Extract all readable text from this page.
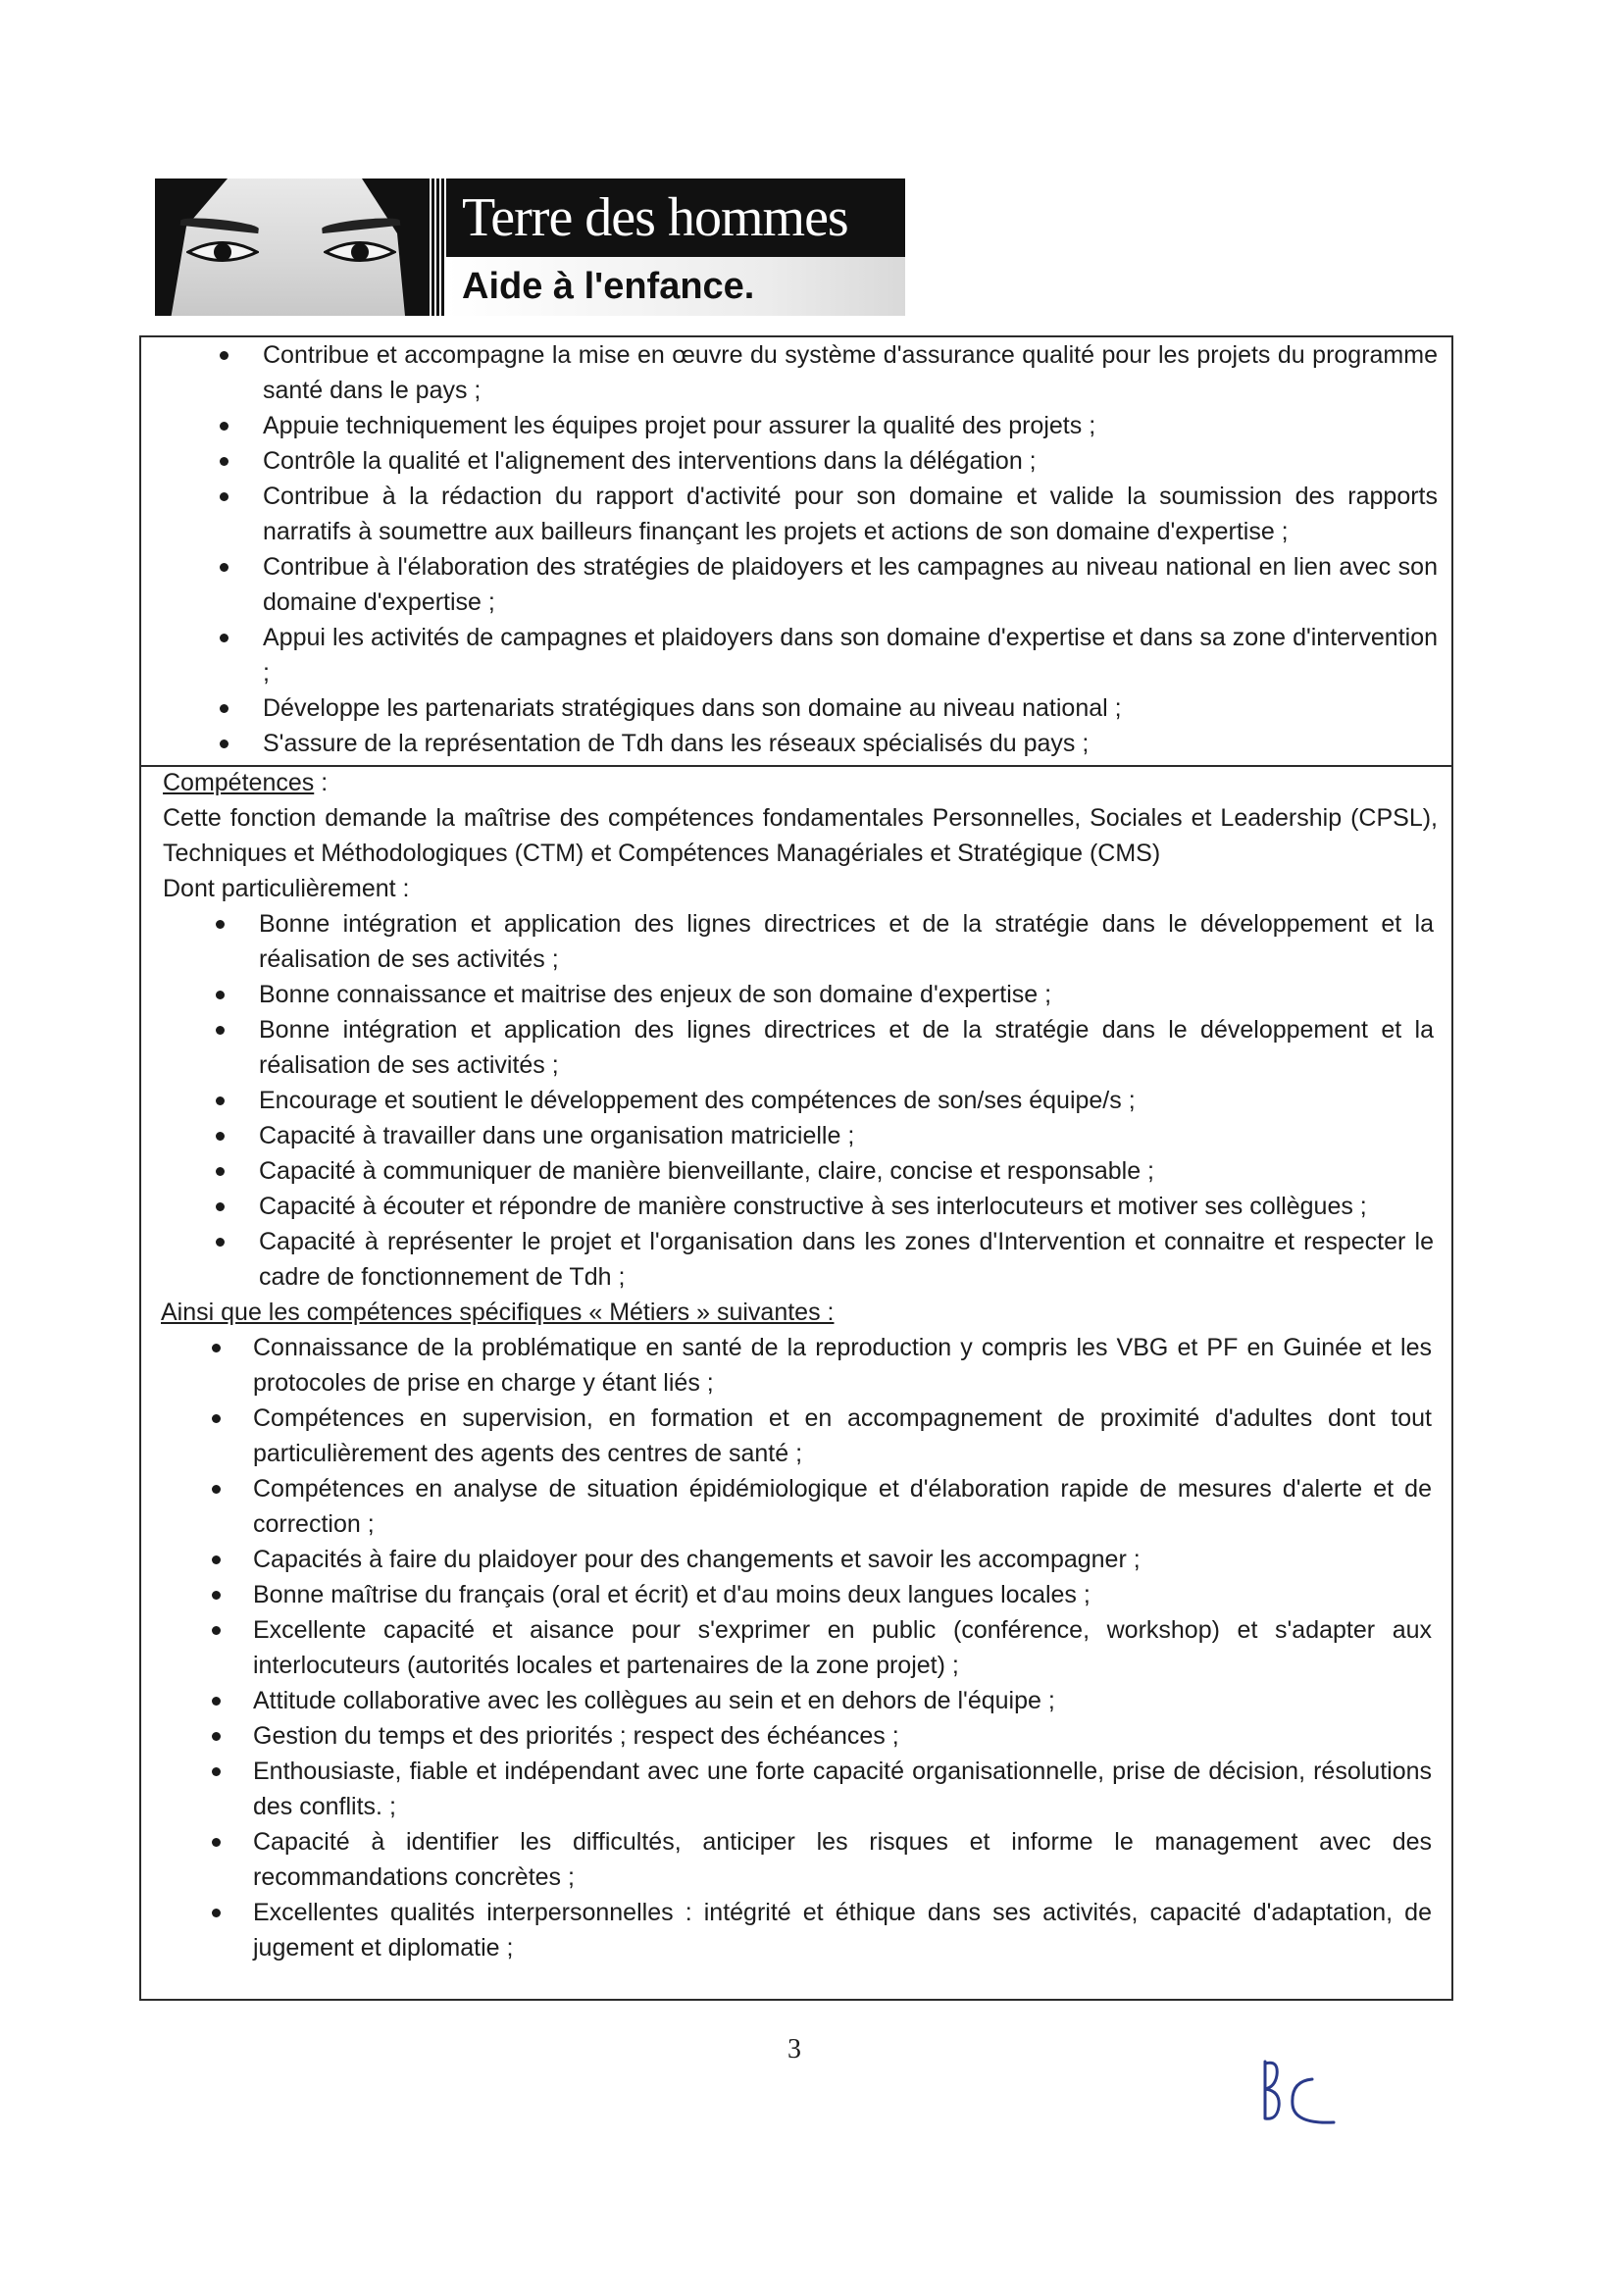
Terre des hommes
Aide à l'enfance.
Contribue et accompagne la mise en œuvre du système d'assurance qualité pour les projets du programme santé dans le pays ;
Appuie techniquement les équipes projet pour assurer la qualité des projets ;
Contrôle la qualité et l'alignement des interventions dans la délégation ;
Contribue à la rédaction du rapport d'activité pour son domaine et valide la soumission des rapports narratifs à soumettre aux bailleurs finançant les projets et actions de son domaine d'expertise ;
Contribue à l'élaboration des stratégies de plaidoyers et les campagnes au niveau national en lien avec son domaine d'expertise ;
Appui les activités de campagnes et plaidoyers dans son domaine d'expertise et dans sa zone d'intervention ;
Développe les partenariats stratégiques dans son domaine au niveau national ;
S'assure de la représentation de Tdh dans les réseaux spécialisés du pays ;
Compétences :
Cette fonction demande la maîtrise des compétences fondamentales Personnelles, Sociales et Leadership (CPSL), Techniques et Méthodologiques (CTM) et Compétences Managériales et Stratégique (CMS)
Dont particulièrement :
Bonne intégration et application des lignes directrices et de la stratégie dans le développement et la réalisation de ses activités ;
Bonne connaissance et maitrise des enjeux de son domaine d'expertise ;
Bonne intégration et application des lignes directrices et de la stratégie dans le développement et la réalisation de ses activités ;
Encourage et soutient le développement des compétences de son/ses équipe/s ;
Capacité à travailler dans une organisation matricielle ;
Capacité à communiquer de manière bienveillante, claire, concise et responsable ;
Capacité à écouter et répondre de manière constructive à ses interlocuteurs et motiver ses collègues ;
Capacité à représenter le projet et l'organisation dans les zones d'Intervention et connaitre et respecter le cadre de fonctionnement de Tdh ;
Ainsi que les compétences spécifiques « Métiers » suivantes :
Connaissance de la problématique en santé de la reproduction y compris les VBG et PF en Guinée et les protocoles de prise en charge y étant liés ;
Compétences en supervision, en formation et en accompagnement de proximité d'adultes dont tout particulièrement des agents des centres de santé ;
Compétences en analyse de situation épidémiologique et d'élaboration rapide de mesures d'alerte et de correction ;
Capacités à faire du plaidoyer pour des changements et savoir les accompagner ;
Bonne maîtrise du français (oral et écrit) et d'au moins deux langues locales ;
Excellente capacité et aisance pour s'exprimer en public (conférence, workshop) et s'adapter aux interlocuteurs (autorités locales et partenaires de la zone projet) ;
Attitude collaborative avec les collègues au sein et en dehors de l'équipe ;
Gestion du temps et des priorités ; respect des échéances ;
Enthousiaste, fiable et indépendant avec une forte capacité organisationnelle, prise de décision, résolutions des conflits. ;
Capacité à identifier les difficultés, anticiper les risques et informe le management avec des recommandations concrètes ;
Excellentes qualités interpersonnelles : intégrité et éthique dans ses activités, capacité d'adaptation, de jugement et diplomatie ;
3
